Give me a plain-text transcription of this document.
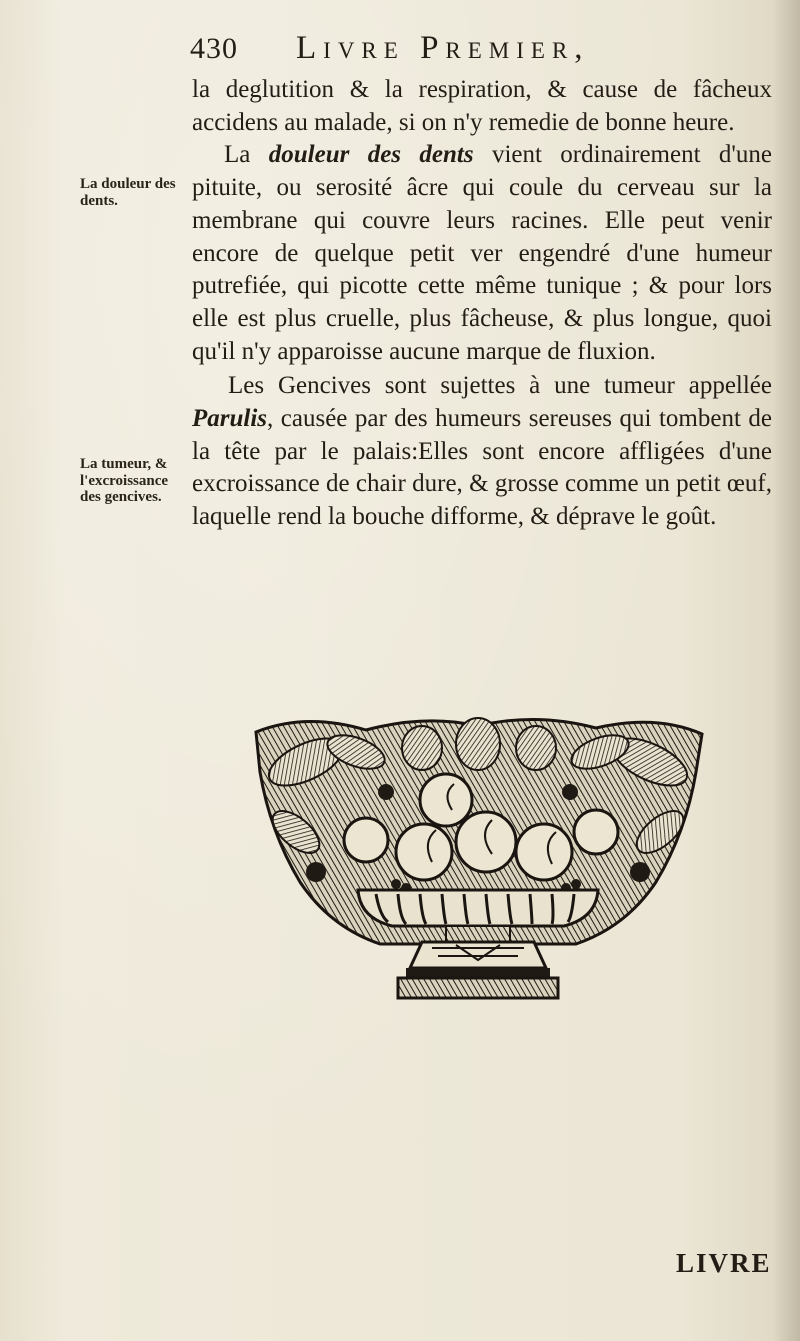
430 Livre Premier,

la deglutition & la respiration, & cause de fâcheux accidens au malade, si on n'y remedie de bonne heure.

La douleur des dents vient ordinairement d'une pituite, ou serosité âcre qui coule du cerveau sur la membrane qui couvre leurs racines. Elle peut venir encore de quelque petit ver engendré d'une humeur putrefiée, qui picotte cette même tunique ; & pour lors elle est plus cruelle, plus fâcheuse, & plus longue, quoi qu'il n'y apparoisse aucune marque de fluxion.

Les Gencives sont sujettes à une tumeur appellée Parulis, causée par des humeurs sereuses qui tombent de la tête par le palais:Elles sont encore affligées d'une excroissance de chair dure, & grosse comme un petit œuf, laquelle rend la bouche difforme, & déprave le goût.

La douleur des dents.
La tumeur, & l'excroissance des gencives.
LIVRE
